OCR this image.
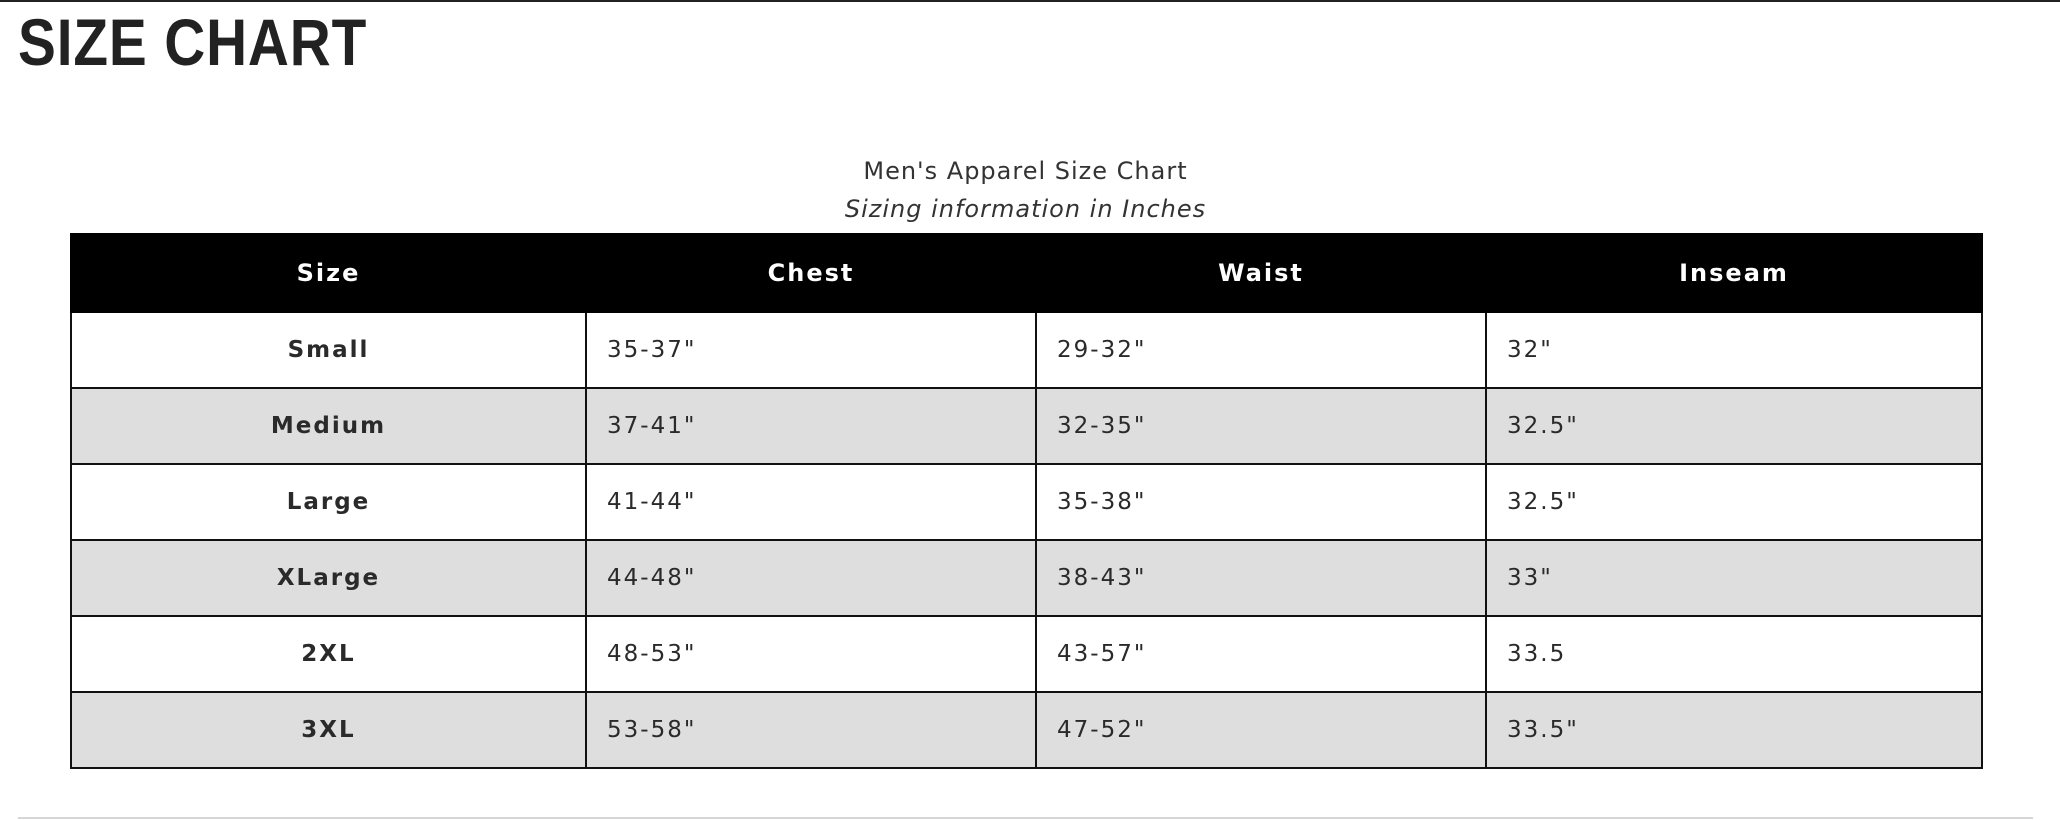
SIZE CHART
Men's Apparel Size Chart
Sizing information in Inches
Size	Chest	Waist	Inseam
Small	35-37"	29-32"	32"
Medium	37-41"	32-35"	32.5"
Large	41-44"	35-38"	32.5"
XLarge	44-48"	38-43"	33"
2XL	48-53"	43-57"	33.5
3XL	53-58"	47-52"	33.5"
